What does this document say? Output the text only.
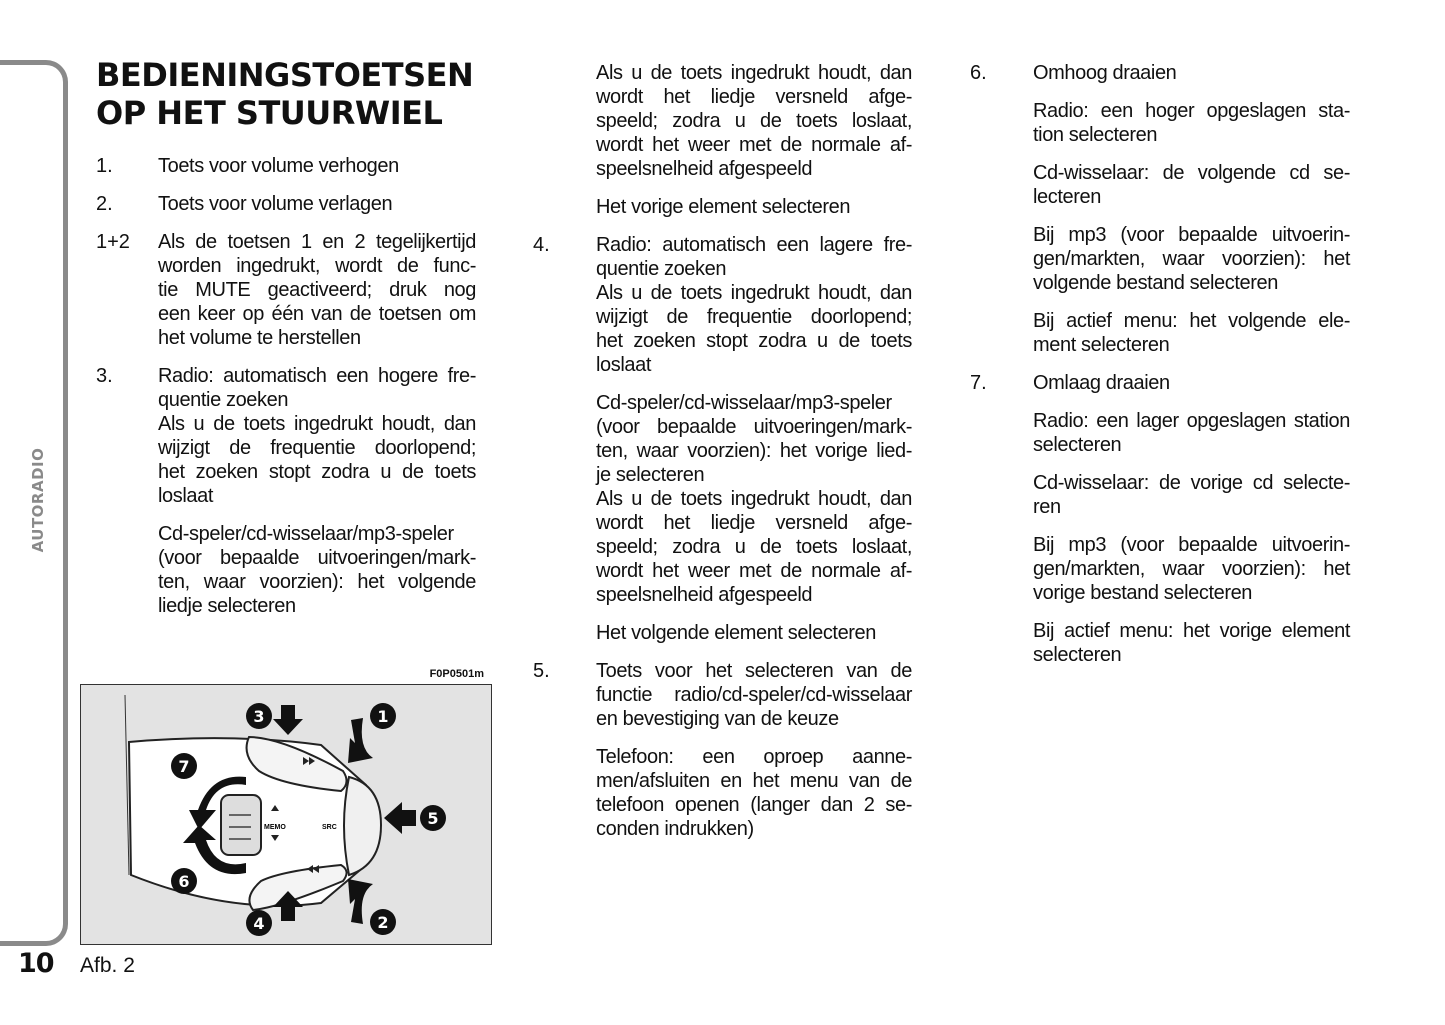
AUTORADIO
BEDIENINGSTOETSEN
OP HET STUURWIEL
1.	Toets voor volume verhogen
2.	Toets voor volume verlagen
1+2	Als de toetsen 1 en 2 tegelijkertijd
worden ingedrukt, wordt de func-
tie MUTE geactiveerd; druk nog
een keer op één van de toetsen om
het volume te herstellen
3.	Radio: automatisch een hogere fre-
quentie zoeken
Als u de toets ingedrukt houdt, dan
wijzigt de frequentie doorlopend;
het zoeken stopt zodra u de toets
loslaat
Cd-speler/cd-wisselaar/mp3-speler
(voor bepaalde uitvoeringen/mark-
ten, waar voorzien): het volgende
liedje selecteren
Als u de toets ingedrukt houdt, dan
wordt het liedje versneld afge-
speeld; zodra u de toets loslaat,
wordt het weer met de normale af-
speelsnelheid afgespeeld
Het vorige element selecteren
4.	Radio: automatisch een lagere fre-
quentie zoeken
Als u de toets ingedrukt houdt, dan
wijzigt de frequentie doorlopend;
het zoeken stopt zodra u de toets
loslaat
Cd-speler/cd-wisselaar/mp3-speler
(voor bepaalde uitvoeringen/mark-
ten, waar voorzien): het vorige lied-
je selecteren
Als u de toets ingedrukt houdt, dan
wordt het liedje versneld afge-
speeld; zodra u de toets loslaat,
wordt het weer met de normale af-
speelsnelheid afgespeeld
Het volgende element selecteren
5.	Toets voor het selecteren van de
functie radio/cd-speler/cd-wisselaar
en bevestiging van de keuze
Telefoon: een oproep aanne-
men/afsluiten en het menu van de
telefoon openen (langer dan 2 se-
conden indrukken)
6.	Omhoog draaien
Radio: een hoger opgeslagen sta-
tion selecteren
Cd-wisselaar: de volgende cd se-
lecteren
Bij mp3 (voor bepaalde uitvoerin-
gen/markten, waar voorzien): het
volgende bestand selecteren
Bij actief menu: het volgende ele-
ment selecteren
7.	Omlaag draaien
Radio: een lager opgeslagen station
selecteren
Cd-wisselaar: de vorige cd selecte-
ren
Bij mp3 (voor bepaalde uitvoerin-
gen/markten, waar voorzien): het
vorige bestand selecteren
Bij actief menu: het vorige element
selecteren
F0P0501m
MEMO	SRC
3	1
7
5
6
4	2
Afb. 2
10
